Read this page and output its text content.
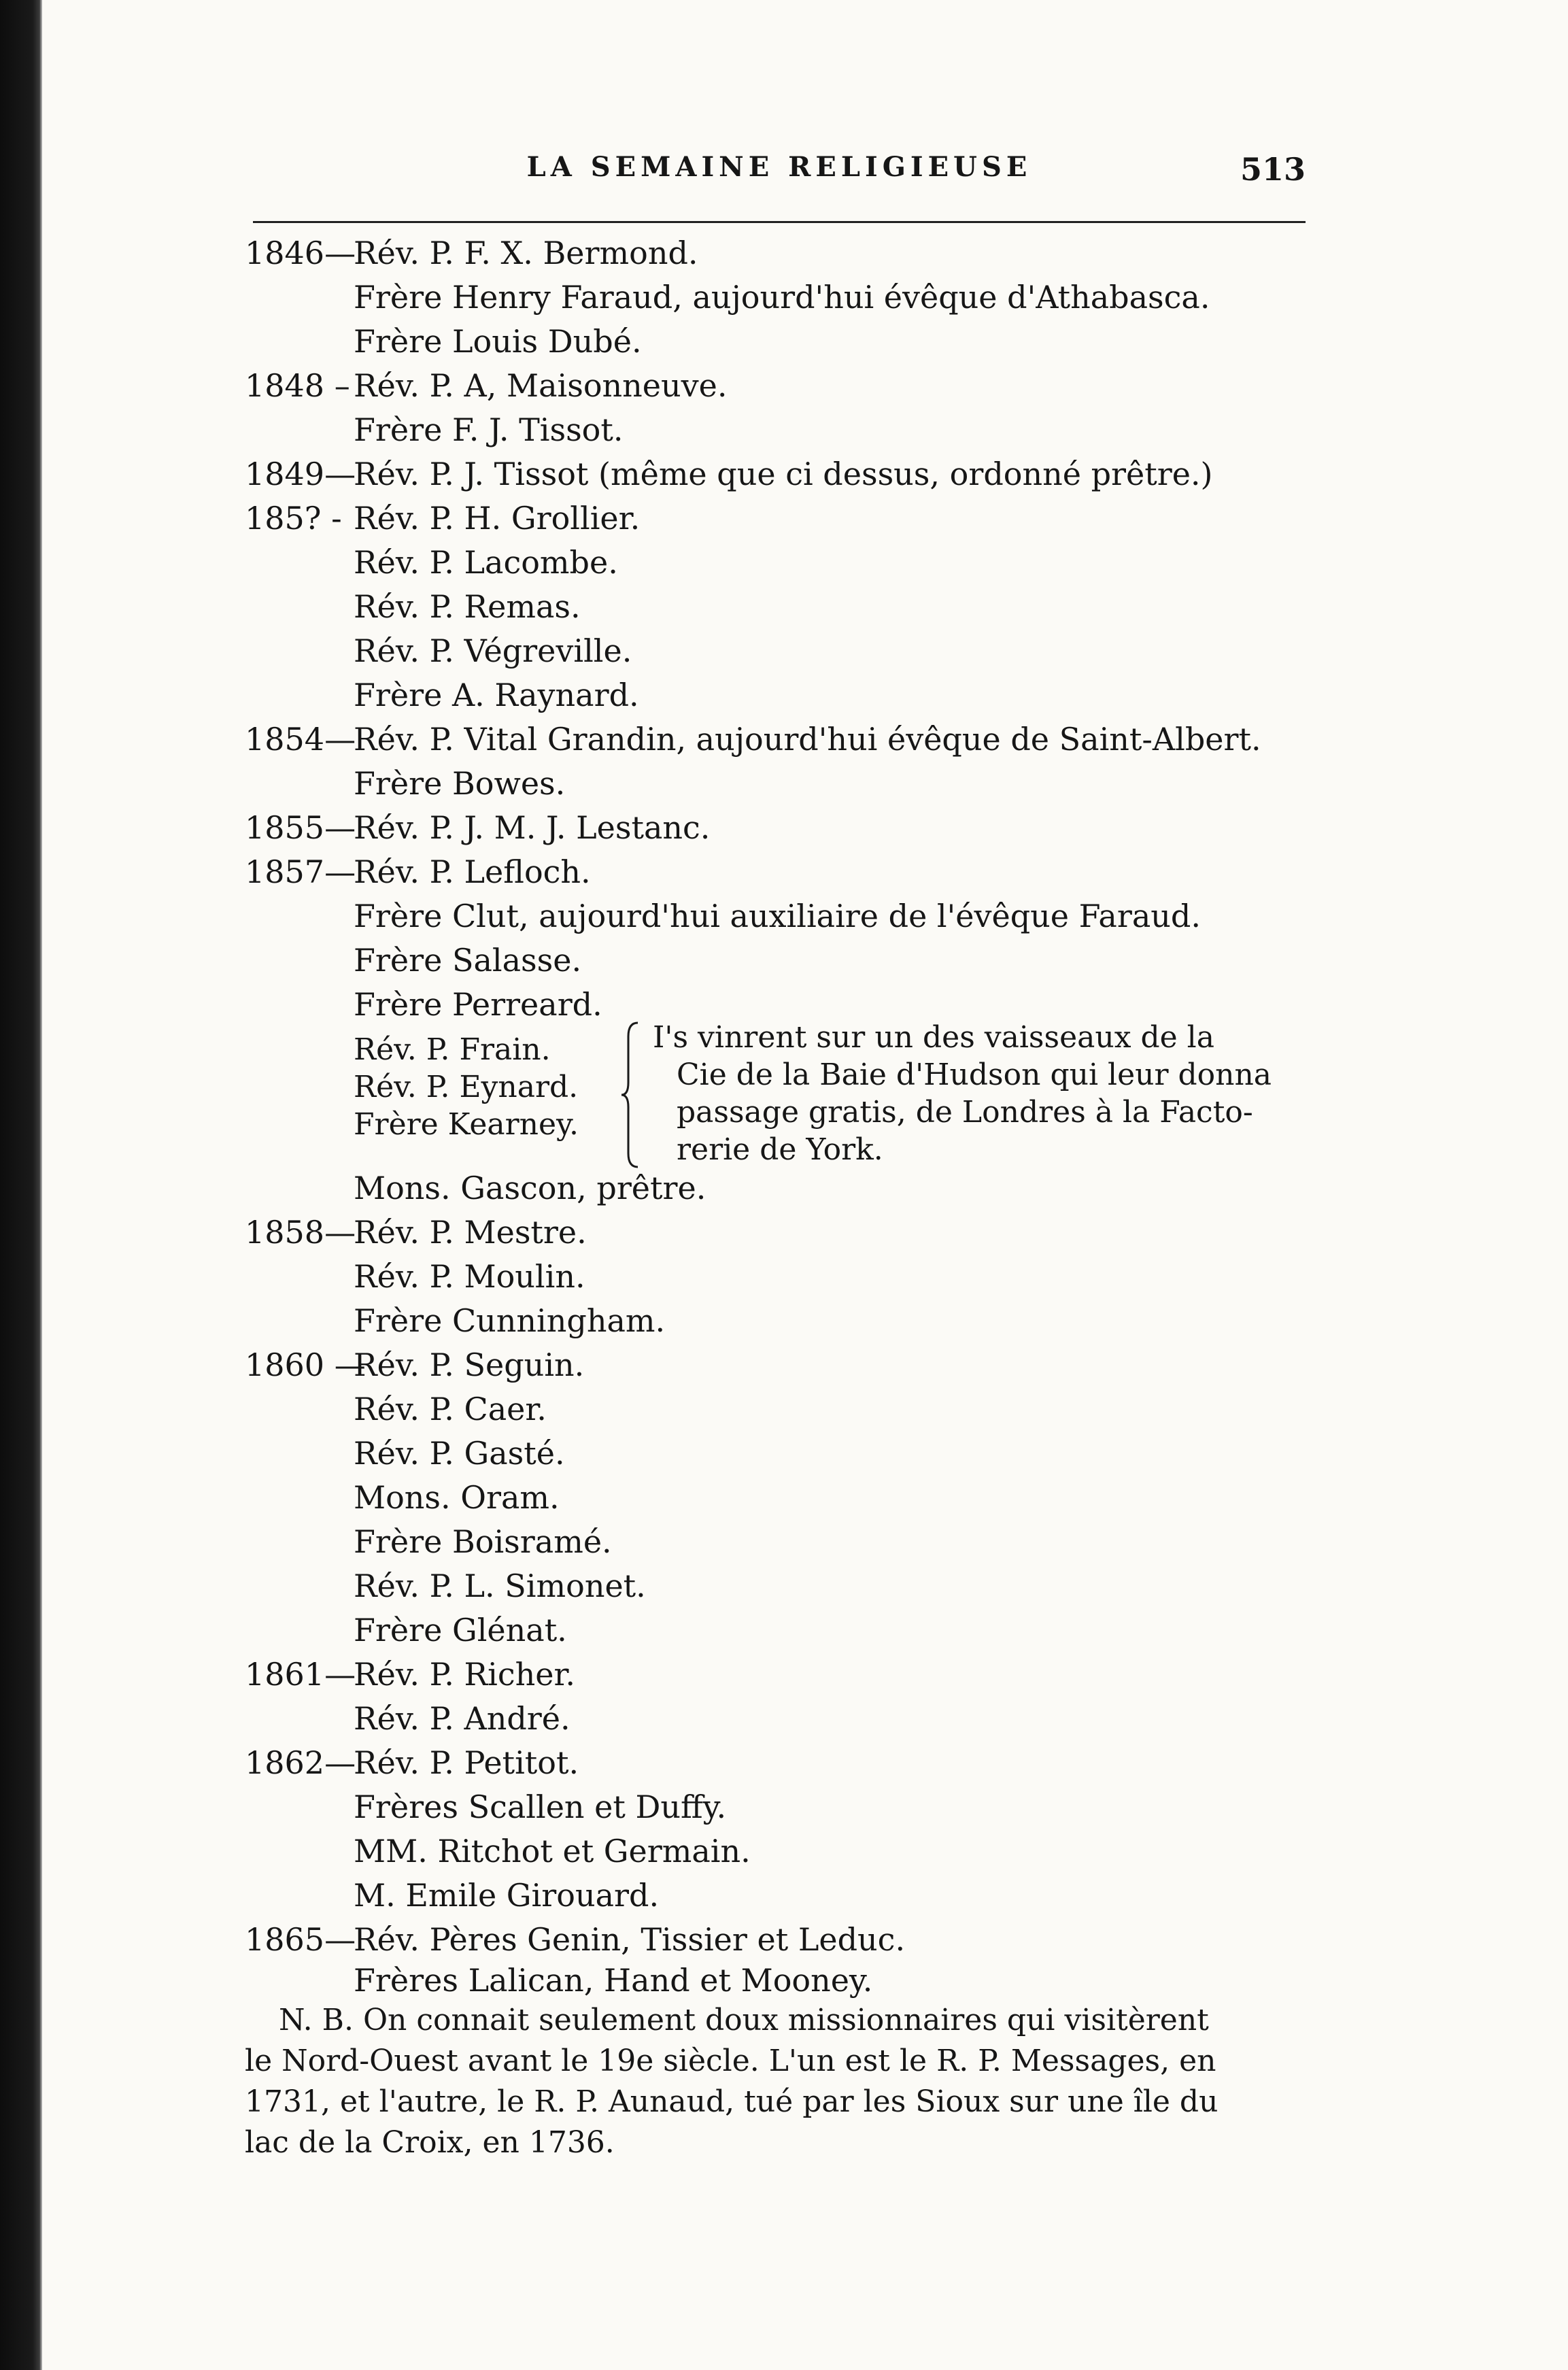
LA SEMAINE RELIGIEUSE	513
1846—
Rév. P. F. X. Bermond.
Frère Henry Faraud, aujourd'hui évêque d'Athabasca.
Frère Louis Dubé.
1848 – Rév. P. A, Maisonneuve.
Frère F. J. Tissot.
1849—
Rév. P. J. Tissot (même que ci dessus, ordonné prêtre.)
185? - Rév. P. H. Grollier.
Rév. P. Lacombe.
Rév. P. Remas.
Rév. P. Végreville.
Frère A. Raynard.
1854—
Rév. P. Vital Grandin, aujourd'hui évêque de Saint-Albert.
Frère Bowes.
1855—
Rév. P. J. M. J. Lestanc.
1857—
Rév. P. Lefloch.
Frère Clut, aujourd'hui auxiliaire de l'évêque Faraud.
Frère Salasse.
Frère Perreard.
Rév. P. Frain.
Rév. P. Eynard.
Frère Kearney.
I's vinrent sur un des vaisseaux de la
Cie de la Baie d'Hudson qui leur donna
passage gratis, de Londres à la Facto-
rerie de York.
Mons. Gascon, prêtre.
1858—
Rév. P. Mestre.
Rév. P. Moulin.
Frère Cunningham.
1860 —
Rév. P. Seguin.
Rév. P. Caer.
Rév. P. Gasté.
Mons. Oram.
Frère Boisramé.
Rév. P. L. Simonet.
Frère Glénat.
1861—
Rév. P. Richer.
Rév. P. André.
1862—
Rév. P. Petitot.
Frères Scallen et Duffy.
MM. Ritchot et Germain.
M. Emile Girouard.
1865—
Rév. Pères Genin, Tissier et Leduc.
Frères Lalican, Hand et Mooney.
N. B. On connait seulement doux missionnaires qui visitèrent
le Nord-Ouest avant le 19e siècle. L'un est le R. P. Messages, en
1731, et l'autre, le R. P. Aunaud, tué par les Sioux sur une île du
lac de la Croix, en 1736.
